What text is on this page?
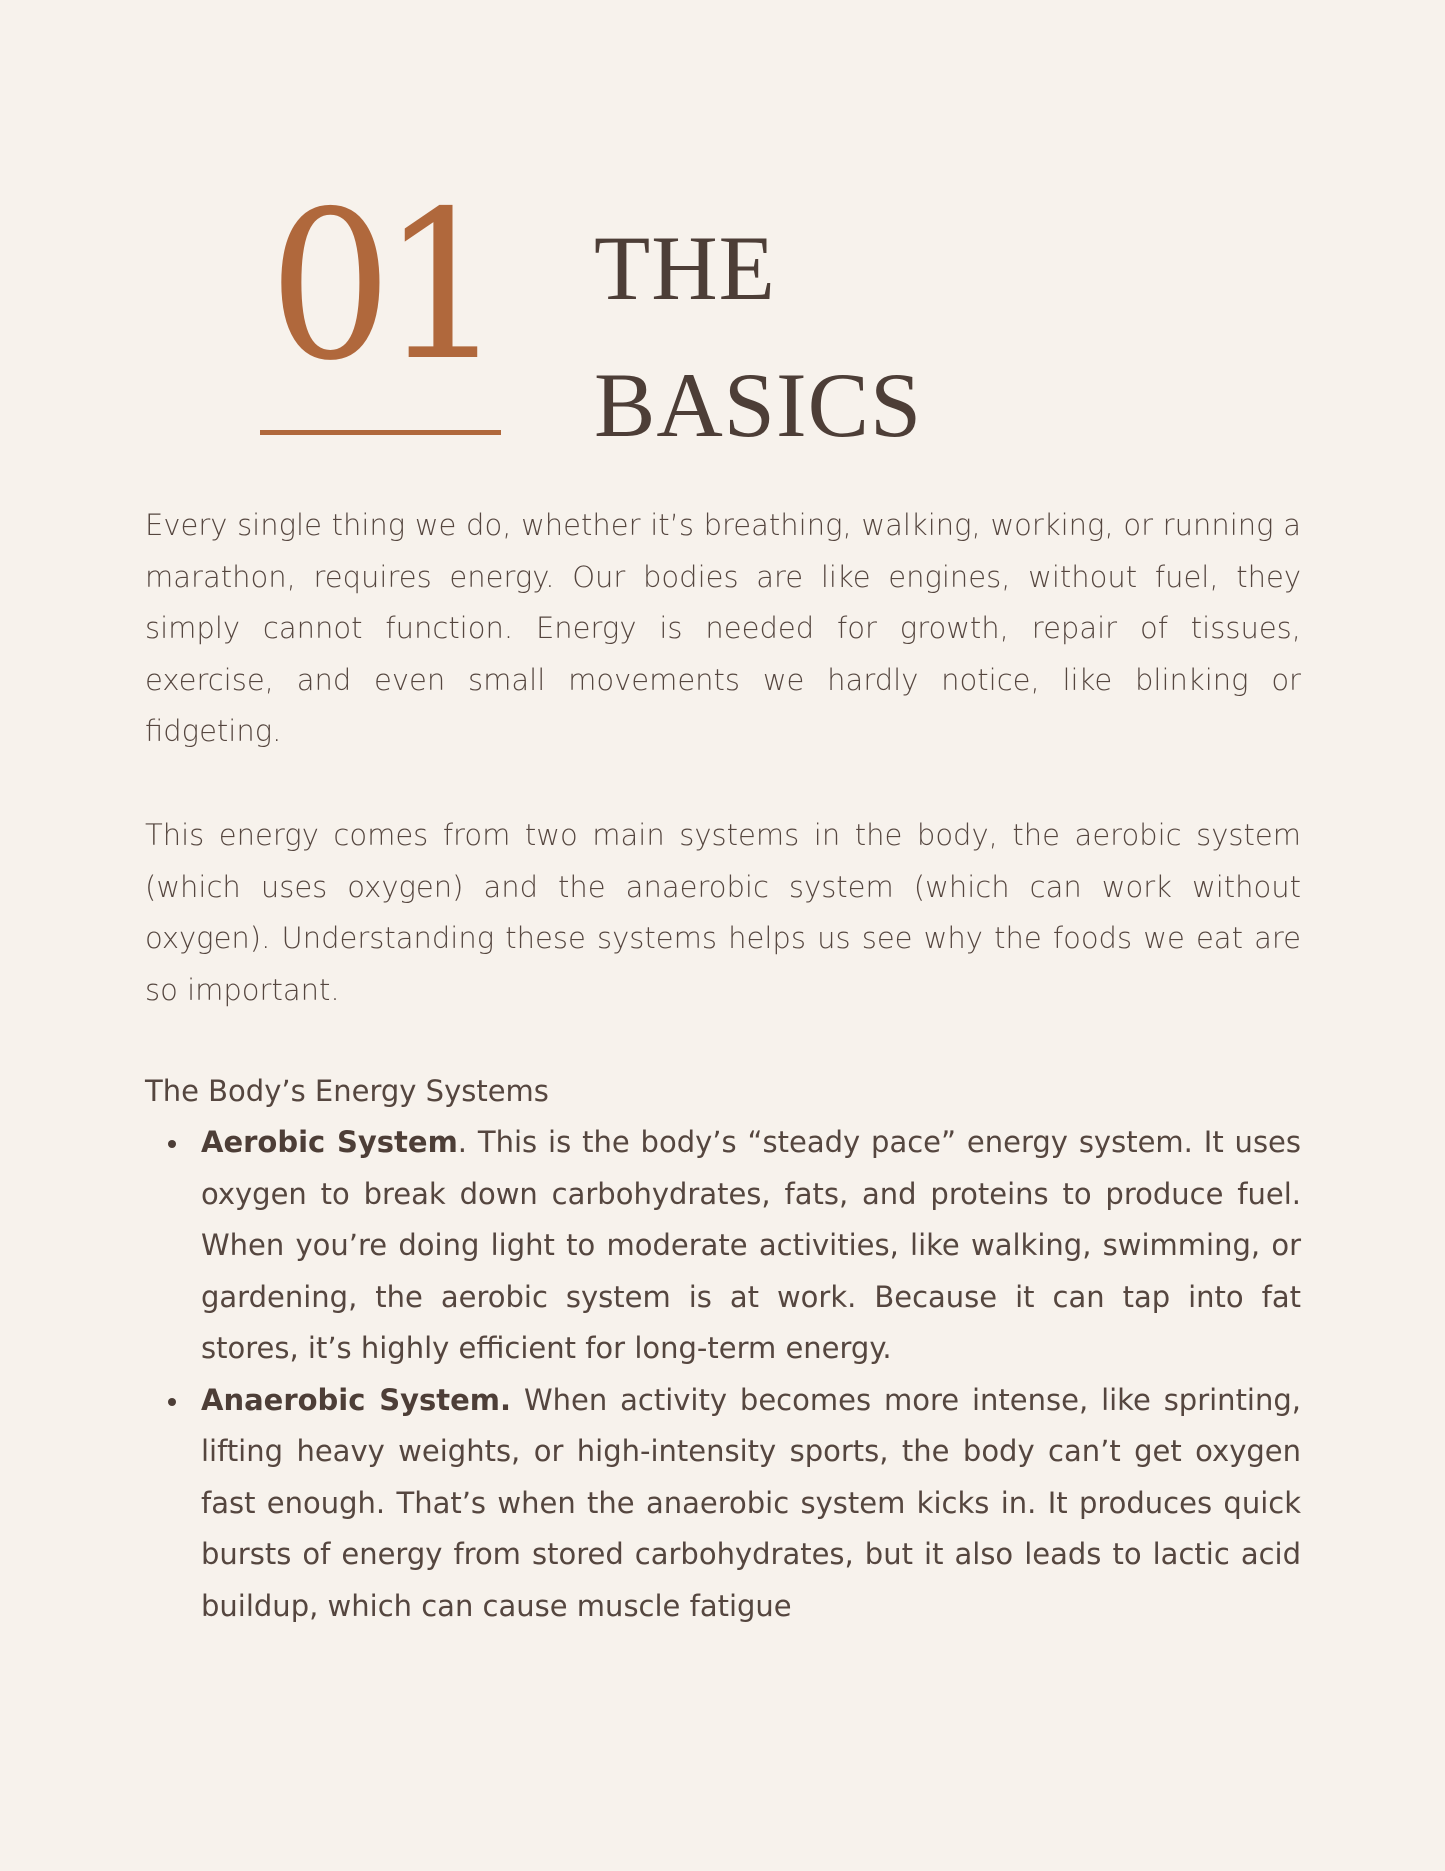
01 THE
BASICS

Every single thing we do, whether it’s breathing, walking, working, or running a marathon, requires energy. Our bodies are like engines, without fuel, they simply cannot function. Energy is needed for growth, repair of tissues, exercise, and even small movements we hardly notice, like blinking or fidgeting.

This energy comes from two main systems in the body, the aerobic system (which uses oxygen) and the anaerobic system (which can work without oxygen). Understanding these systems helps us see why the foods we eat are so important.

The Body’s Energy Systems
Aerobic System. This is the body’s “steady pace” energy system. It uses oxygen to break down carbohydrates, fats, and proteins to produce fuel. When you’re doing light to moderate activities, like walking, swimming, or gardening, the aerobic system is at work. Because it can tap into fat stores, it’s highly efficient for long-term energy.
Anaerobic System. When activity becomes more intense, like sprinting, lifting heavy weights, or high-intensity sports, the body can’t get oxygen fast enough. That’s when the anaerobic system kicks in. It produces quick bursts of energy from stored carbohydrates, but it also leads to lactic acid buildup, which can cause muscle fatigue
